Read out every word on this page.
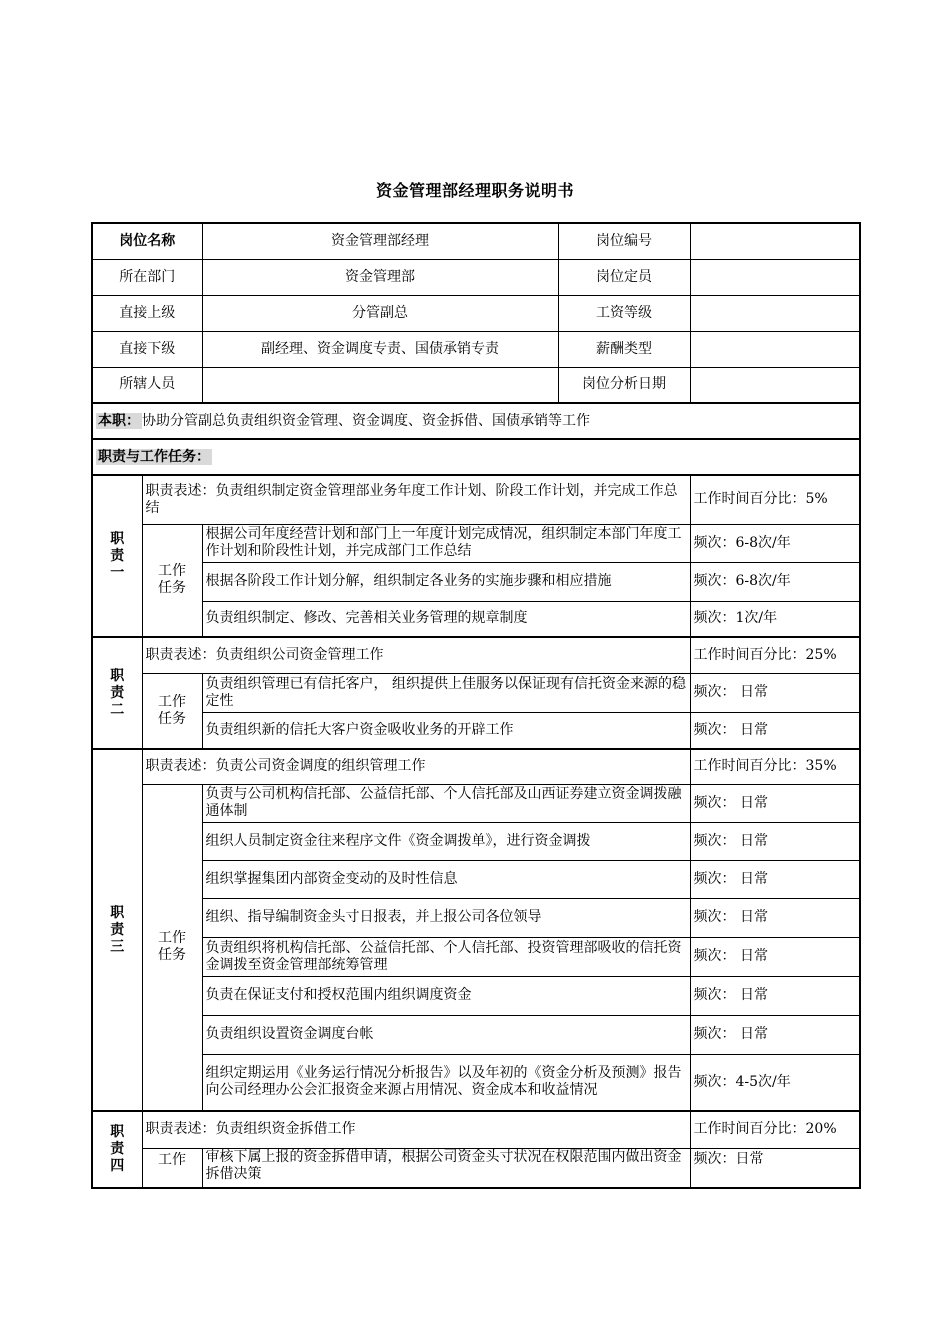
资金管理部经理职务说明书
岗位名称		资金管理部经理	岗位编号	
所在部门		资金管理部	岗位定员	
直接上级		分管副总	工资等级	
直接下级		副经理、资金调度专责、国债承销专责	薪酬类型	
所辖人员			岗位分析日期	
本职： 协助分管副总负责组织资金管理、资金调度、资金拆借、国债承销等工作				
职责与工作任务：				
职责一	职责表述：负责组织制定资金管理部业务年度工作计划、阶段工作计划，并完成工作总结			工作时间百分比：5%
	工作任务	根据公司年度经营计划和部门上一年度计划完成情况，组织制定本部门年度工作计划和阶段性计划，并完成部门工作总结		频次：6-8次/年
		根据各阶段工作计划分解，组织制定各业务的实施步骤和相应措施		频次：6-8次/年
		负责组织制定、修改、完善相关业务管理的规章制度		频次：1次/年
职责二	职责表述：负责组织公司资金管理工作			工作时间百分比：25%
	工作任务	负责组织管理已有信托客户， 组织提供上佳服务以保证现有信托资金来源的稳定性		频次： 日常
		负责组织新的信托大客户资金吸收业务的开辟工作		频次： 日常
职责三	职责表述：负责公司资金调度的组织管理工作			工作时间百分比：35%
	工作任务	负责与公司机构信托部、公益信托部、个人信托部及山西证券建立资金调拨融通体制		频次： 日常
		组织人员制定资金往来程序文件《资金调拨单》，进行资金调拨		频次： 日常
		组织掌握集团内部资金变动的及时性信息		频次： 日常
		组织、指导编制资金头寸日报表，并上报公司各位领导		频次： 日常
		负责组织将机构信托部、公益信托部、个人信托部、投资管理部吸收的信托资金调拨至资金管理部统筹管理		频次： 日常
		负责在保证支付和授权范围内组织调度资金		频次： 日常
		负责组织设置资金调度台帐		频次： 日常
		组织定期运用《业务运行情况分析报告》以及年初的《资金分析及预测》报告向公司经理办公会汇报资金来源占用情况、资金成本和收益情况		频次：4-5次/年
职责四	职责表述：负责组织资金拆借工作			工作时间百分比：20%
	工作	审核下属上报的资金拆借申请，根据公司资金头寸状况在权限范围内做出资金拆借决策		频次：日常
